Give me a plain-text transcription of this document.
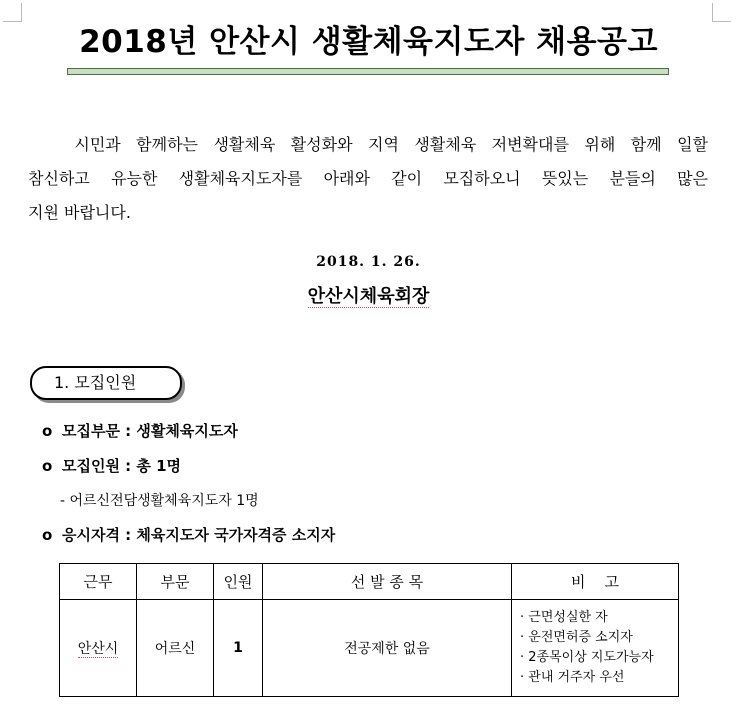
2018년 안산시 생활체육지도자 채용공고
시민과 함께하는 생활체육 활성화와 지역 생활체육 저변확대를 위해 함께 일할
참신하고 유능한 생활체육지도자를 아래와 같이 모집하오니 뜻있는 분들의 많은
지원 바랍니다.
2018. 1. 26.
안산시체육회장
1. 모집인원
o 모집부문 : 생활체육지도자
o 모집인원 : 총 1명
- 어르신전담생활체육지도자 1명
o 응시자격 : 체육지도자 국가자격증 소지자
근무	부문	인원	선 발 종 목	비    고
안산시	어르신	1	전공제한 없음	· 근면성실한 자
· 운전면허증 소지자
· 2종목이상 지도가능자
· 관내 거주자 우선
